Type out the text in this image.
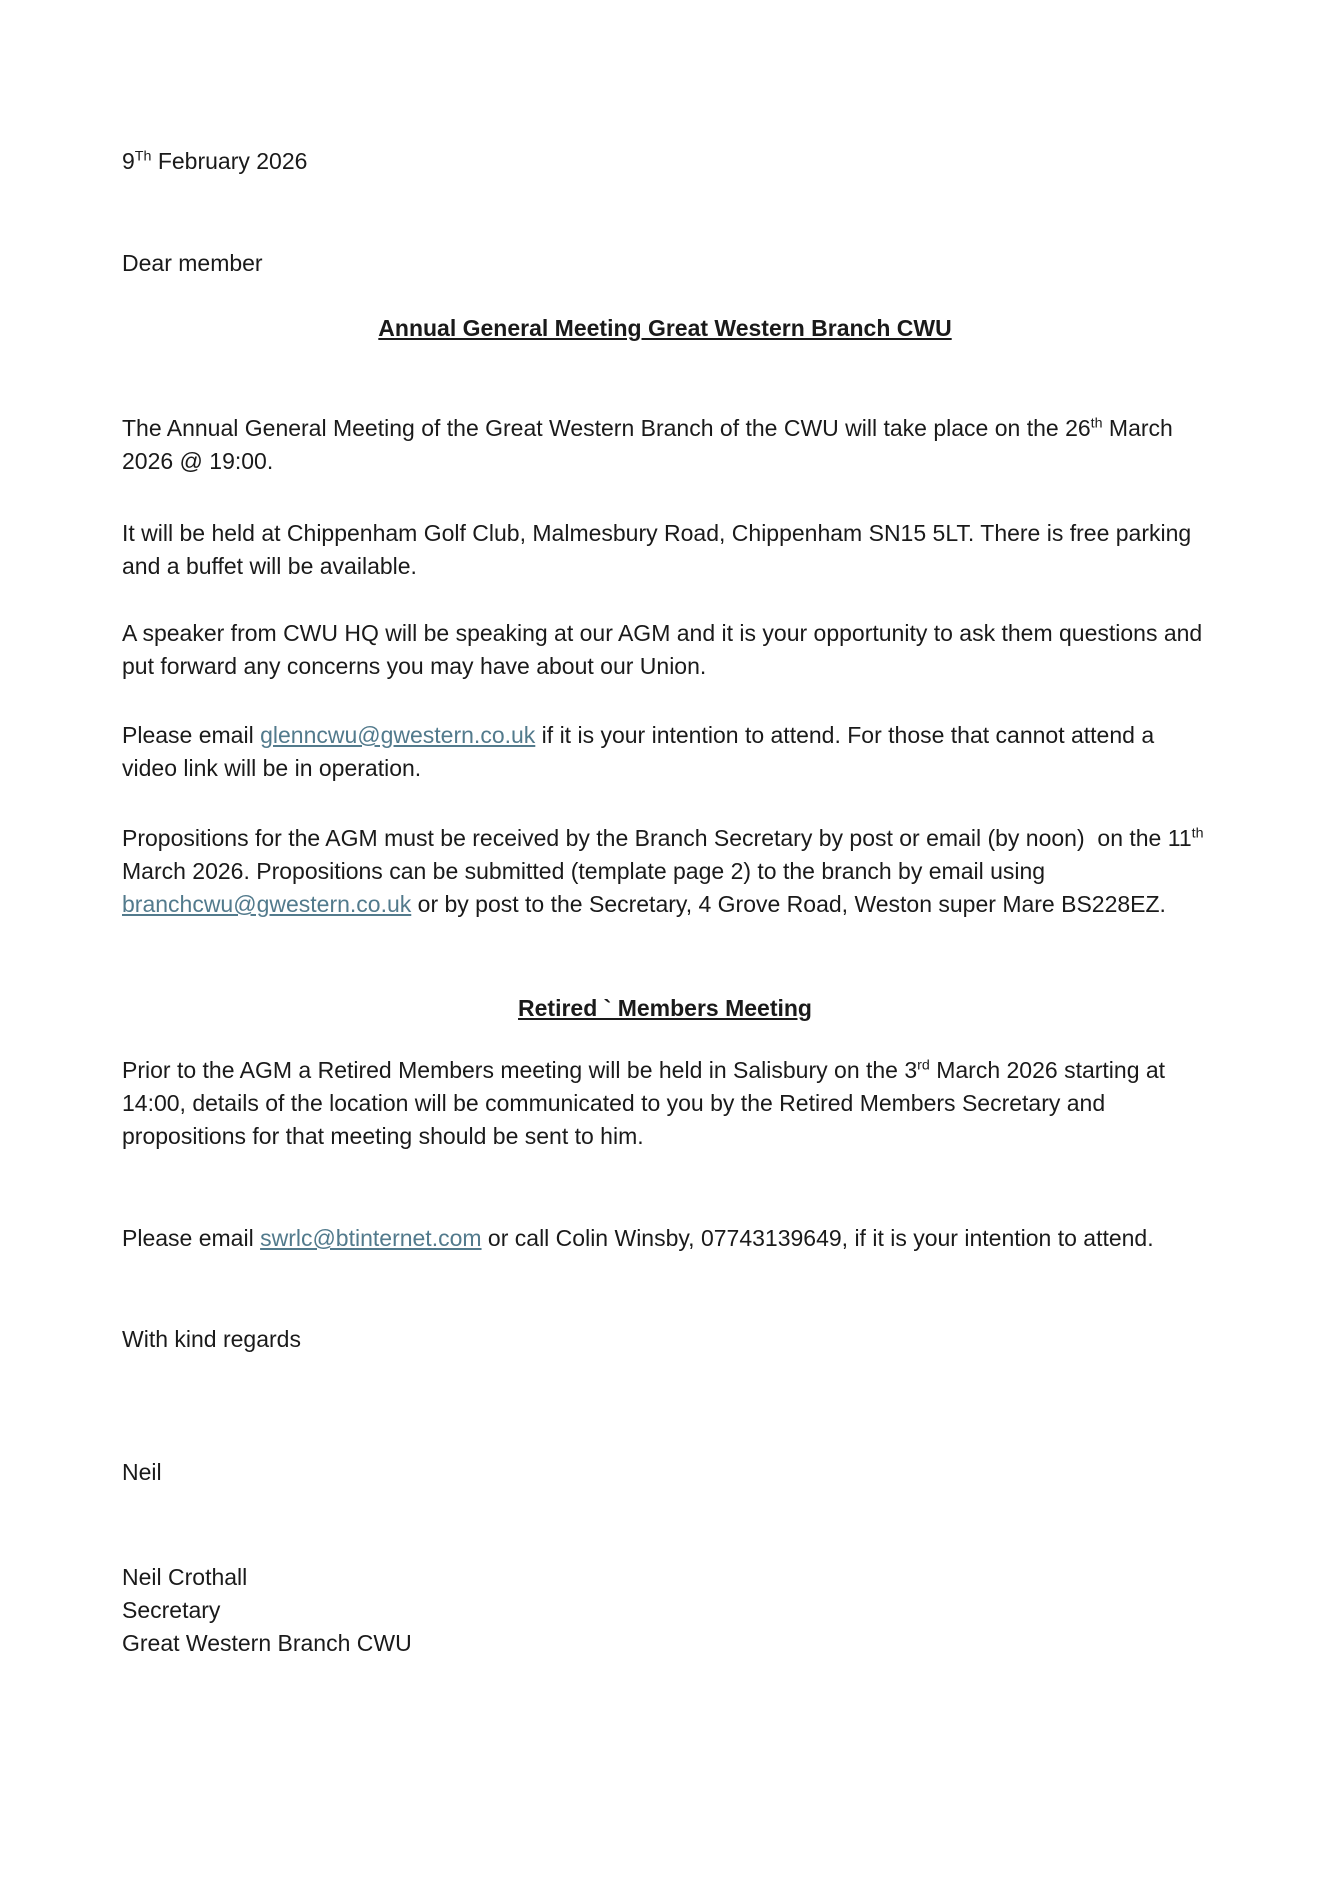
9Th February 2026

Dear member

Annual General Meeting Great Western Branch CWU

The Annual General Meeting of the Great Western Branch of the CWU will take place on the 26th March 2026 @ 19:00.

It will be held at Chippenham Golf Club, Malmesbury Road, Chippenham SN15 5LT. There is free parking and a buffet will be available.

A speaker from CWU HQ will be speaking at our AGM and it is your opportunity to ask them questions and put forward any concerns you may have about our Union.

Please email glenncwu@gwestern.co.uk if it is your intention to attend. For those that cannot attend a video link will be in operation.

Propositions for the AGM must be received by the Branch Secretary by post or email (by noon)  on the 11th March 2026. Propositions can be submitted (template page 2) to the branch by email using branchcwu@gwestern.co.uk or by post to the Secretary, 4 Grove Road, Weston super Mare BS228EZ.

Retired ` Members Meeting

Prior to the AGM a Retired Members meeting will be held in Salisbury on the 3rd March 2026 starting at 14:00, details of the location will be communicated to you by the Retired Members Secretary and propositions for that meeting should be sent to him.

Please email swrlc@btinternet.com or call Colin Winsby, 07743139649, if it is your intention to attend.

With kind regards

Neil

Neil Crothall

Secretary

Great Western Branch CWU
